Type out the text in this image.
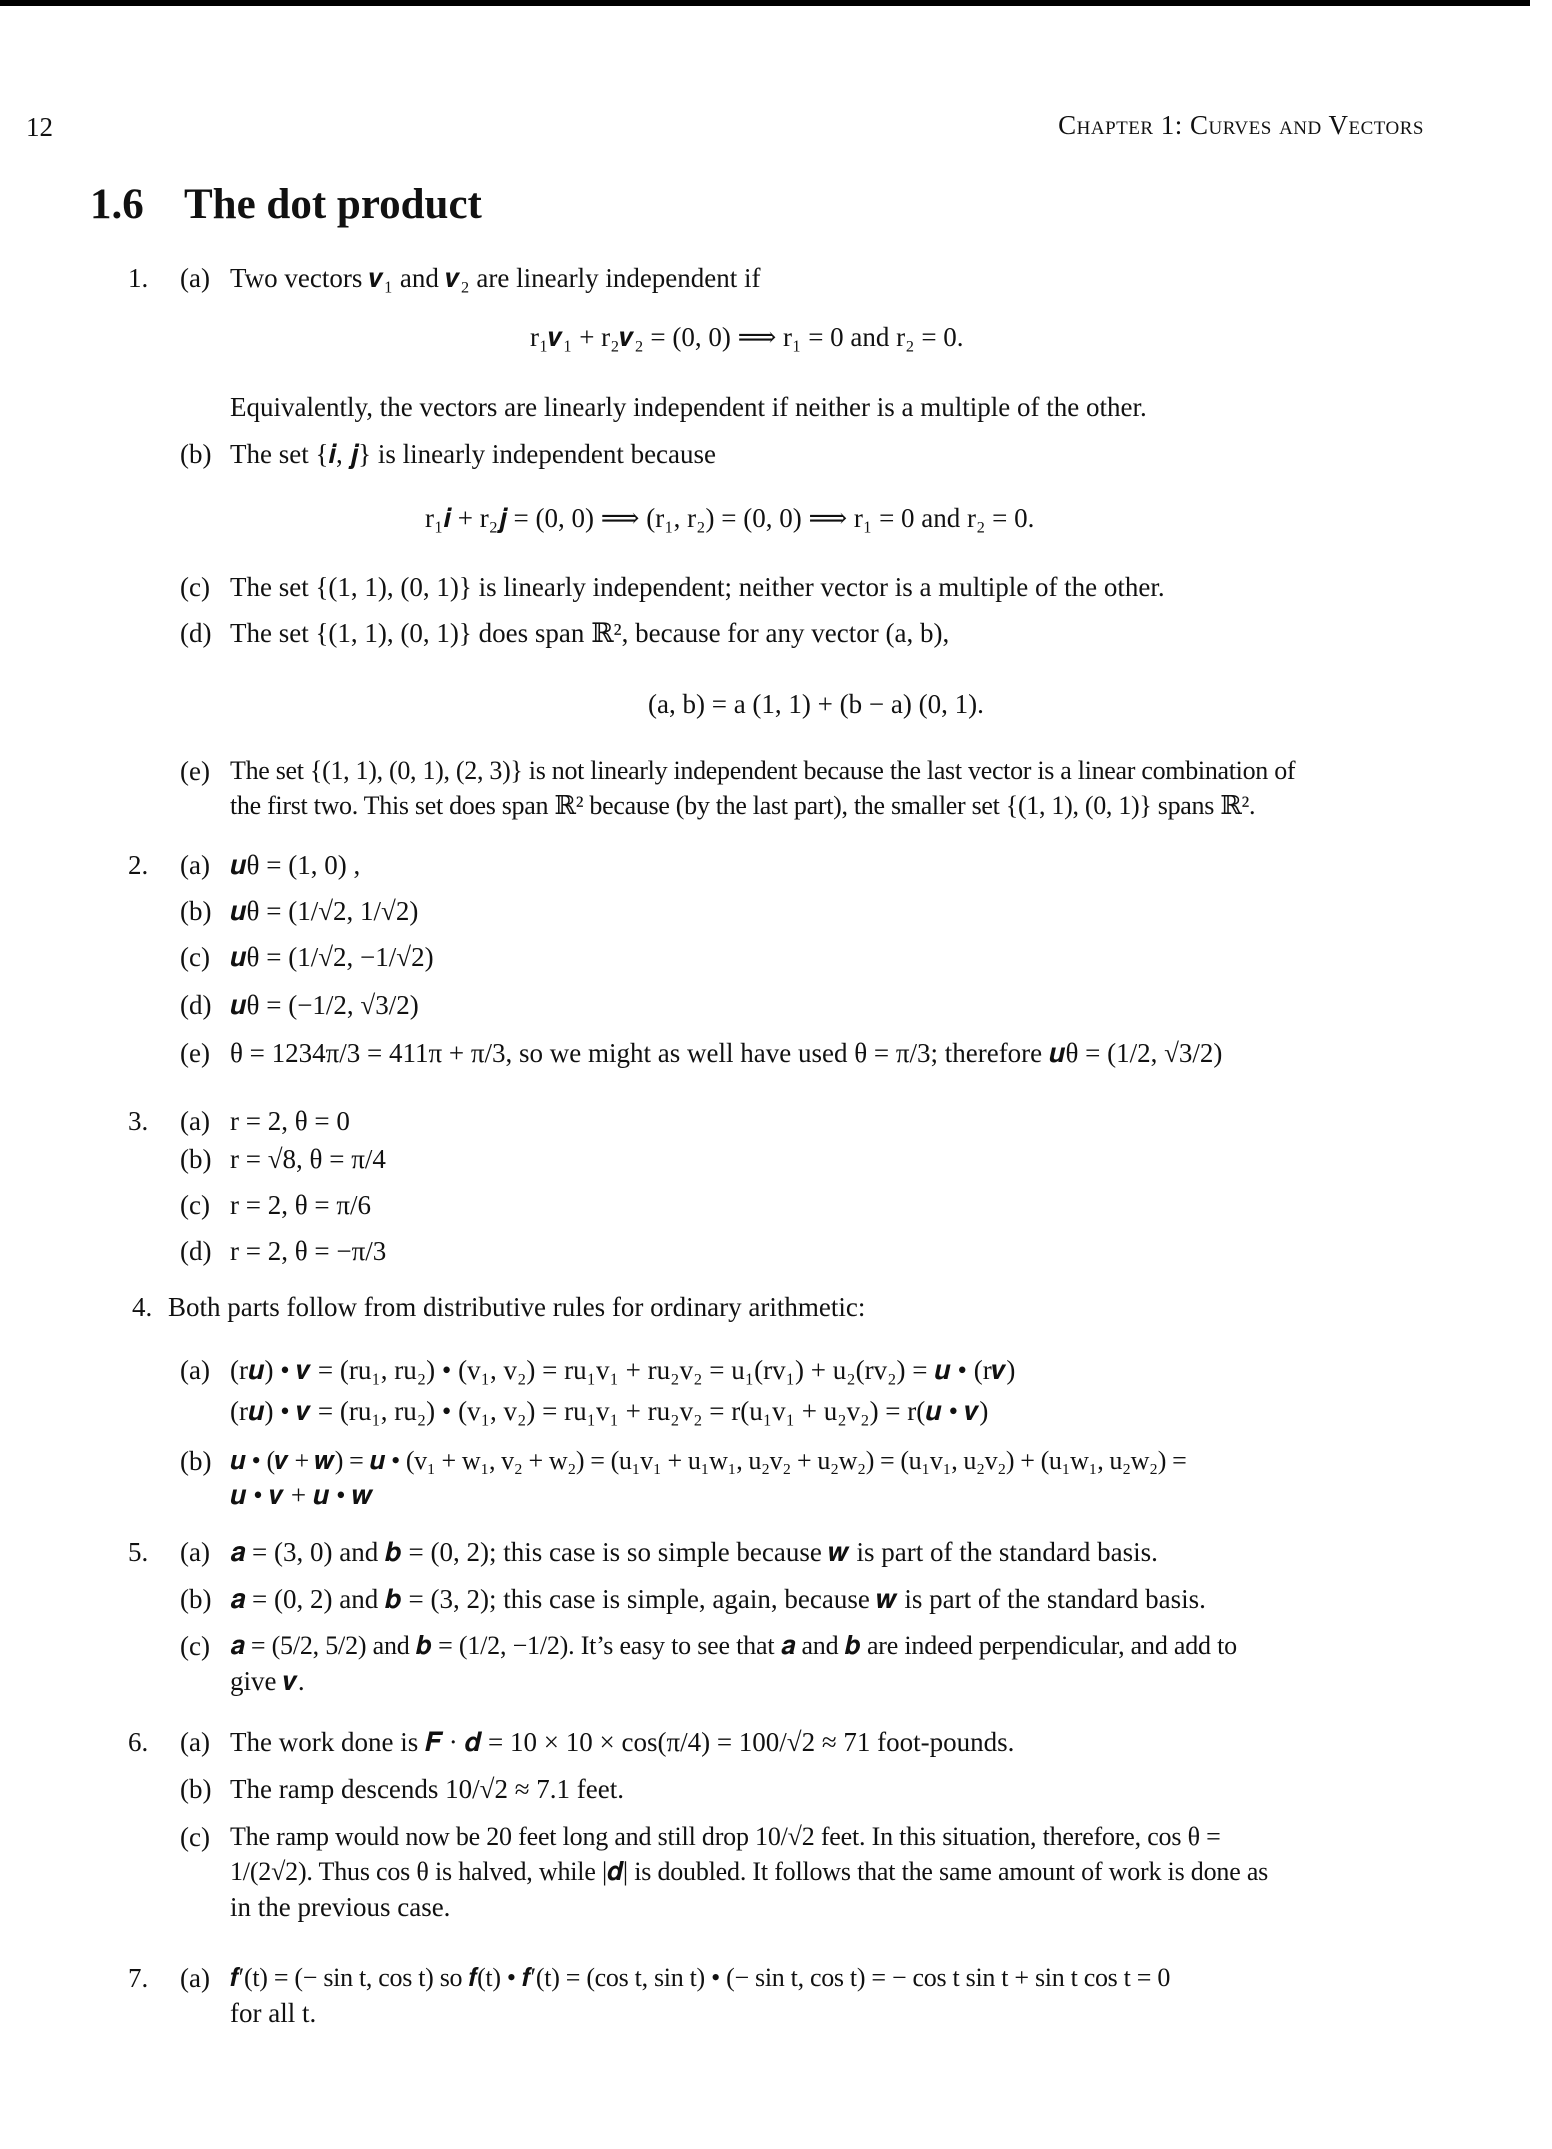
12	Chapter 1: Curves and Vectors
1.6 The dot product
1. (a) Two vectors 𝒗₁ and 𝒗₂ are linearly independent if
r₁𝒗₁ + r₂𝒗₂ = (0, 0) ⟹ r₁ = 0 and r₂ = 0.
Equivalently, the vectors are linearly independent if neither is a multiple of the other.
(b) The set {𝒊, 𝒋} is linearly independent because
r₁𝒊 + r₂𝒋 = (0, 0) ⟹ (r₁, r₂) = (0, 0) ⟹ r₁ = 0 and r₂ = 0.
(c) The set {(1, 1), (0, 1)} is linearly independent; neither vector is a multiple of the other.
(d) The set {(1, 1), (0, 1)} does span ℝ², because for any vector (a, b),
(a, b) = a (1, 1) + (b − a) (0, 1).
(e) The set {(1, 1), (0, 1), (2, 3)} is not linearly independent because the last vector is a linear combination of
the first two. This set does span ℝ² because (by the last part), the smaller set {(1, 1), (0, 1)} spans ℝ².
2. (a) 𝒖θ = (1, 0) ,
(b) 𝒖θ = (1/√2, 1/√2)
(c) 𝒖θ = (1/√2, −1/√2)
(d) 𝒖θ = (−1/2, √3/2)
(e) θ = 1234π/3 = 411π + π/3, so we might as well have used θ = π/3; therefore 𝒖θ = (1/2, √3/2)
3. (a) r = 2, θ = 0
(b) r = √8, θ = π/4
(c) r = 2, θ = π/6
(d) r = 2, θ = −π/3
4. Both parts follow from distributive rules for ordinary arithmetic:
(a) (r𝒖) • 𝒗 = (ru₁, ru₂) • (v₁, v₂) = ru₁v₁ + ru₂v₂ = u₁(rv₁) + u₂(rv₂) = 𝒖 • (r𝒗)
(r𝒖) • 𝒗 = (ru₁, ru₂) • (v₁, v₂) = ru₁v₁ + ru₂v₂ = r(u₁v₁ + u₂v₂) = r(𝒖 • 𝒗)
(b) 𝒖 • (𝒗 + 𝒘) = 𝒖 • (v₁ + w₁, v₂ + w₂) = (u₁v₁ + u₁w₁, u₂v₂ + u₂w₂) = (u₁v₁, u₂v₂) + (u₁w₁, u₂w₂) =
𝒖 • 𝒗 + 𝒖 • 𝒘
5. (a) 𝒂 = (3, 0) and 𝒃 = (0, 2); this case is so simple because 𝒘 is part of the standard basis.
(b) 𝒂 = (0, 2) and 𝒃 = (3, 2); this case is simple, again, because 𝒘 is part of the standard basis.
(c) 𝒂 = (5/2, 5/2) and 𝒃 = (1/2, −1/2). It’s easy to see that 𝒂 and 𝒃 are indeed perpendicular, and add to
give 𝒗.
6. (a) The work done is 𝑭 · 𝒅 = 10 × 10 × cos(π/4) = 100/√2 ≈ 71 foot-pounds.
(b) The ramp descends 10/√2 ≈ 7.1 feet.
(c) The ramp would now be 20 feet long and still drop 10/√2 feet. In this situation, therefore, cos θ =
1/(2√2). Thus cos θ is halved, while |𝒅| is doubled. It follows that the same amount of work is done as
in the previous case.
7. (a) 𝒇′(t) = (− sin t, cos t) so 𝒇(t) • 𝒇′(t) = (cos t, sin t) • (− sin t, cos t) = − cos t sin t + sin t cos t = 0
for all t.
